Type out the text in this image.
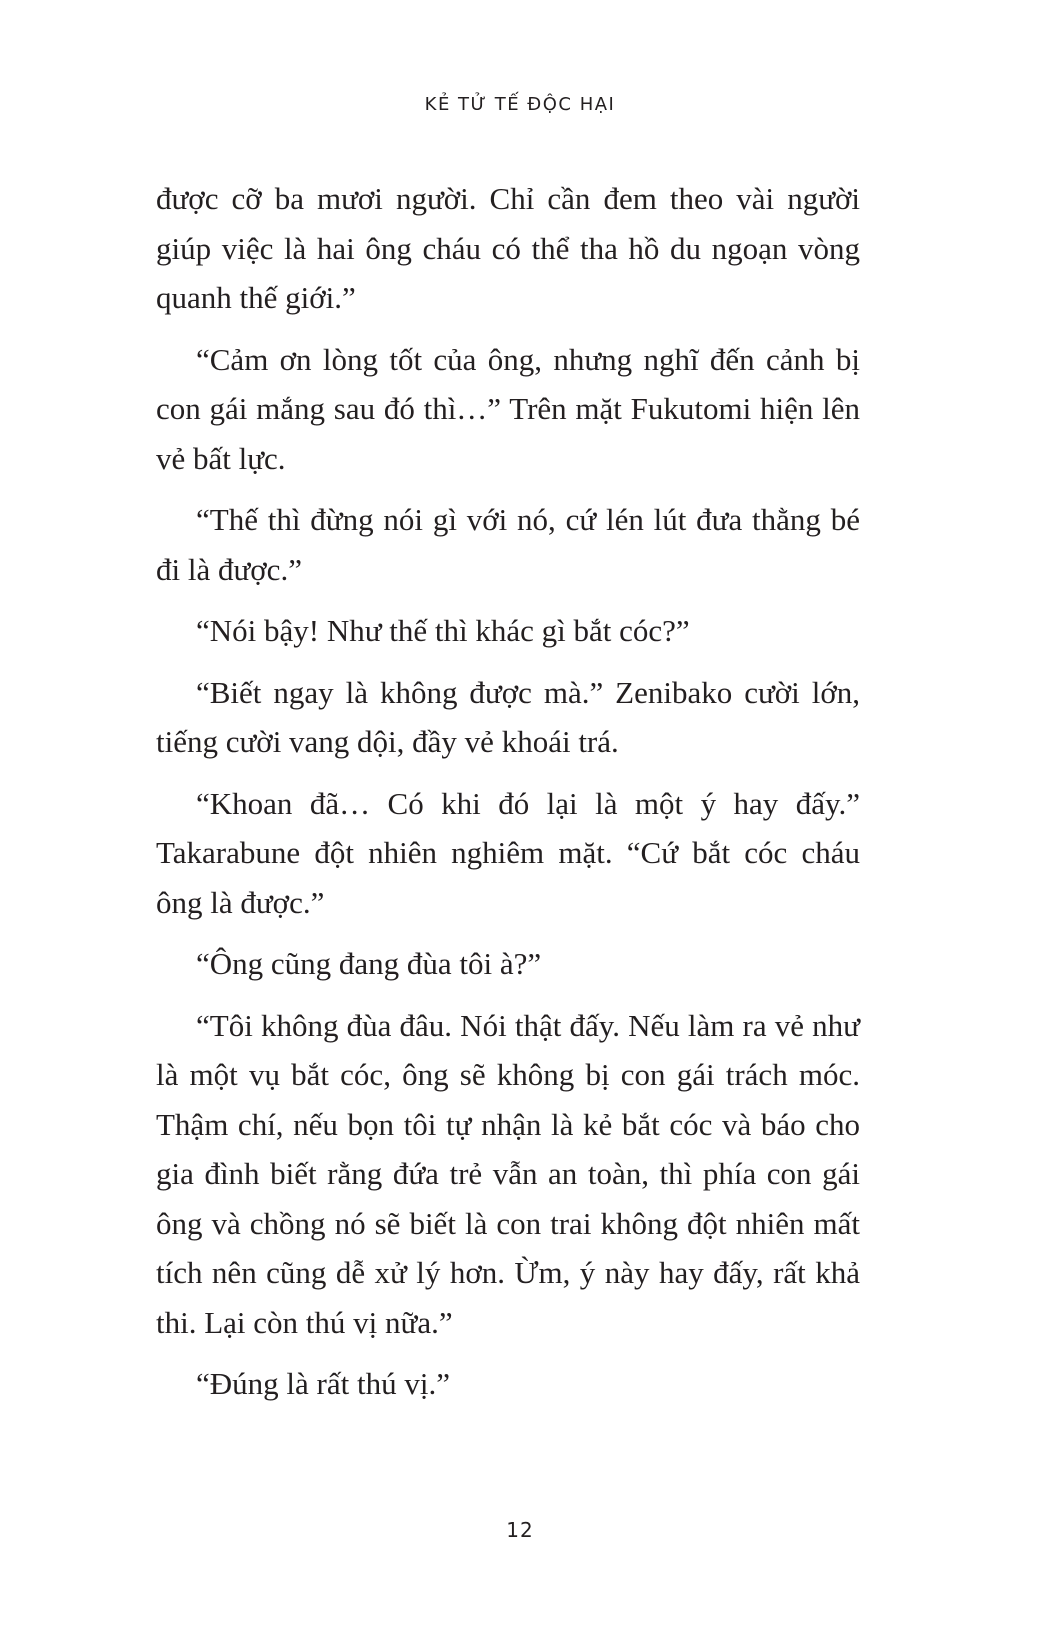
KẺ TỬ TẾ ĐỘC HẠI

được cỡ ba mươi người. Chỉ cần đem theo vài người giúp việc là hai ông cháu có thể tha hồ du ngoạn vòng quanh thế giới.”

“Cảm ơn lòng tốt của ông, nhưng nghĩ đến cảnh bị con gái mắng sau đó thì…” Trên mặt Fukutomi hiện lên vẻ bất lực.

“Thế thì đừng nói gì với nó, cứ lén lút đưa thằng bé đi là được.”

“Nói bậy! Như thế thì khác gì bắt cóc?”

“Biết ngay là không được mà.” Zenibako cười lớn, tiếng cười vang dội, đầy vẻ khoái trá.

“Khoan đã… Có khi đó lại là một ý hay đấy.” Takarabune đột nhiên nghiêm mặt. “Cứ bắt cóc cháu ông là được.”

“Ông cũng đang đùa tôi à?”

“Tôi không đùa đâu. Nói thật đấy. Nếu làm ra vẻ như là một vụ bắt cóc, ông sẽ không bị con gái trách móc. Thậm chí, nếu bọn tôi tự nhận là kẻ bắt cóc và báo cho gia đình biết rằng đứa trẻ vẫn an toàn, thì phía con gái ông và chồng nó sẽ biết là con trai không đột nhiên mất tích nên cũng dễ xử lý hơn. Ừm, ý này hay đấy, rất khả thi. Lại còn thú vị nữa.”

“Đúng là rất thú vị.”

12
